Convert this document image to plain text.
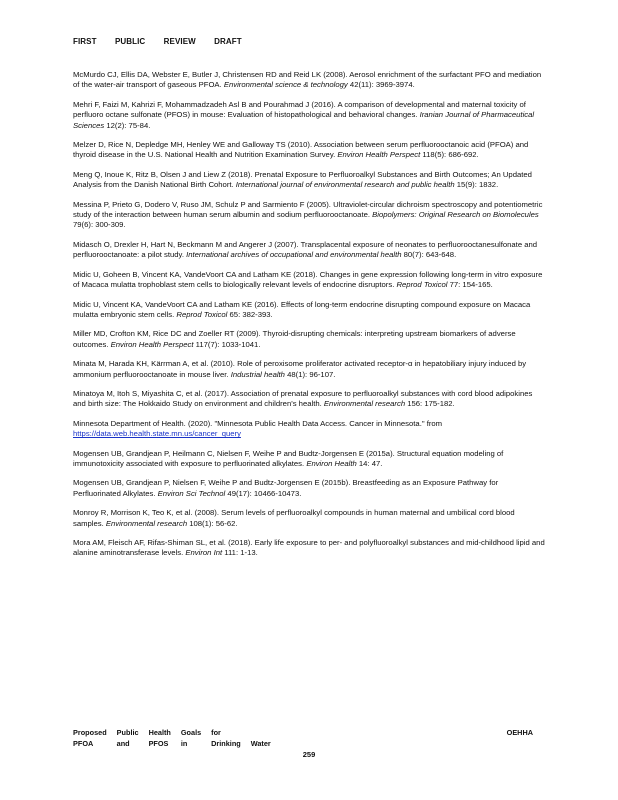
FIRST PUBLIC REVIEW DRAFT

McMurdo CJ, Ellis DA, Webster E, Butler J, Christensen RD and Reid LK (2008). Aerosol enrichment of the surfactant PFO and mediation of the water-air transport of gaseous PFOA. Environmental science & technology 42(11): 3969-3974.

Mehri F, Faizi M, Kahrizi F, Mohammadzadeh Asl B and Pourahmad J (2016). A comparison of developmental and maternal toxicity of perfluoro octane sulfonate (PFOS) in mouse: Evaluation of histopathological and behavioral changes. Iranian Journal of Pharmaceutical Sciences 12(2): 75-84.

Melzer D, Rice N, Depledge MH, Henley WE and Galloway TS (2010). Association between serum perfluorooctanoic acid (PFOA) and thyroid disease in the U.S. National Health and Nutrition Examination Survey. Environ Health Perspect 118(5): 686-692.

Meng Q, Inoue K, Ritz B, Olsen J and Liew Z (2018). Prenatal Exposure to Perfluoroalkyl Substances and Birth Outcomes; An Updated Analysis from the Danish National Birth Cohort. International journal of environmental research and public health 15(9): 1832.

Messina P, Prieto G, Dodero V, Ruso JM, Schulz P and Sarmiento F (2005). Ultraviolet-circular dichroism spectroscopy and potentiometric study of the interaction between human serum albumin and sodium perfluorooctanoate. Biopolymers: Original Research on Biomolecules 79(6): 300-309.

Midasch O, Drexler H, Hart N, Beckmann M and Angerer J (2007). Transplacental exposure of neonates to perfluorooctanesulfonate and perfluorooctanoate: a pilot study. International archives of occupational and environmental health 80(7): 643-648.

Midic U, Goheen B, Vincent KA, VandeVoort CA and Latham KE (2018). Changes in gene expression following long-term in vitro exposure of Macaca mulatta trophoblast stem cells to biologically relevant levels of endocrine disruptors. Reprod Toxicol 77: 154-165.

Midic U, Vincent KA, VandeVoort CA and Latham KE (2016). Effects of long-term endocrine disrupting compound exposure on Macaca mulatta embryonic stem cells. Reprod Toxicol 65: 382-393.

Miller MD, Crofton KM, Rice DC and Zoeller RT (2009). Thyroid-disrupting chemicals: interpreting upstream biomarkers of adverse outcomes. Environ Health Perspect 117(7): 1033-1041.

Minata M, Harada KH, Kärrman A, et al. (2010). Role of peroxisome proliferator activated receptor-α in hepatobiliary injury induced by ammonium perfluorooctanoate in mouse liver. Industrial health 48(1): 96-107.

Minatoya M, Itoh S, Miyashita C, et al. (2017). Association of prenatal exposure to perfluoroalkyl substances with cord blood adipokines and birth size: The Hokkaido Study on environment and children's health. Environmental research 156: 175-182.

Minnesota Department of Health. (2020). "Minnesota Public Health Data Access. Cancer in Minnesota." from https://data.web.health.state.mn.us/cancer_query

Mogensen UB, Grandjean P, Heilmann C, Nielsen F, Weihe P and Budtz-Jorgensen E (2015a). Structural equation modeling of immunotoxicity associated with exposure to perfluorinated alkylates. Environ Health 14: 47.

Mogensen UB, Grandjean P, Nielsen F, Weihe P and Budtz-Jorgensen E (2015b). Breastfeeding as an Exposure Pathway for Perfluorinated Alkylates. Environ Sci Technol 49(17): 10466-10473.

Monroy R, Morrison K, Teo K, et al. (2008). Serum levels of perfluoroalkyl compounds in human maternal and umbilical cord blood samples. Environmental research 108(1): 56-62.

Mora AM, Fleisch AF, Rifas-Shiman SL, et al. (2018). Early life exposure to per- and polyfluoroalkyl substances and mid-childhood lipid and alanine aminotransferase levels. Environ Int 111: 1-13.

Proposed	Public	Health	Goals	for	
PFOA	and	PFOS	in	Drinking	Water
OEHHA
259
